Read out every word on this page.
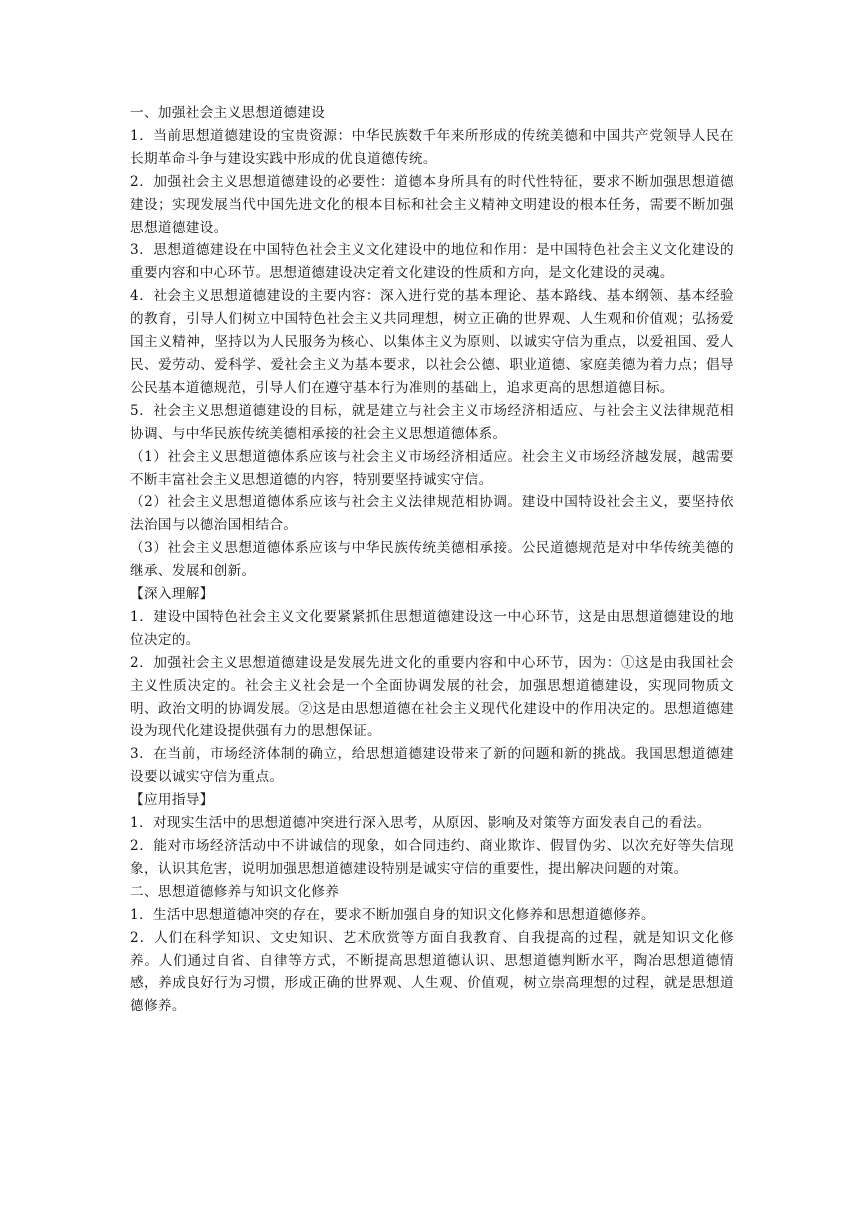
一、加强社会主义思想道德建设

1．当前思想道德建设的宝贵资源：中华民族数千年来所形成的传统美德和中国共产党领导人民在长期革命斗争与建设实践中形成的优良道德传统。

2．加强社会主义思想道德建设的必要性：道德本身所具有的时代性特征，要求不断加强思想道德建设；实现发展当代中国先进文化的根本目标和社会主义精神文明建设的根本任务，需要不断加强思想道德建设。

3．思想道德建设在中国特色社会主义文化建设中的地位和作用：是中国特色社会主义文化建设的重要内容和中心环节。思想道德建设决定着文化建设的性质和方向，是文化建设的灵魂。

4．社会主义思想道德建设的主要内容：深入进行党的基本理论、基本路线、基本纲领、基本经验的教育，引导人们树立中国特色社会主义共同理想，树立正确的世界观、人生观和价值观；弘扬爱国主义精神，坚持以为人民服务为核心、以集体主义为原则、以诚实守信为重点，以爱祖国、爱人民、爱劳动、爱科学、爱社会主义为基本要求，以社会公德、职业道德、家庭美德为着力点；倡导公民基本道德规范，引导人们在遵守基本行为准则的基础上，追求更高的思想道德目标。

5．社会主义思想道德建设的目标，就是建立与社会主义市场经济相适应、与社会主义法律规范相协调、与中华民族传统美德相承接的社会主义思想道德体系。

（1）社会主义思想道德体系应该与社会主义市场经济相适应。社会主义市场经济越发展，越需要不断丰富社会主义思想道德的内容，特别要坚持诚实守信。

（2）社会主义思想道德体系应该与社会主义法律规范相协调。建设中国特设社会主义，要坚持依法治国与以德治国相结合。

（3）社会主义思想道德体系应该与中华民族传统美德相承接。公民道德规范是对中华传统美德的继承、发展和创新。

【深入理解】

1．建设中国特色社会主义文化要紧紧抓住思想道德建设这一中心环节，这是由思想道德建设的地位决定的。

2．加强社会主义思想道德建设是发展先进文化的重要内容和中心环节，因为：①这是由我国社会主义性质决定的。社会主义社会是一个全面协调发展的社会，加强思想道德建设，实现同物质文明、政治文明的协调发展。②这是由思想道德在社会主义现代化建设中的作用决定的。思想道德建设为现代化建设提供强有力的思想保证。

3．在当前，市场经济体制的确立，给思想道德建设带来了新的问题和新的挑战。我国思想道德建设要以诚实守信为重点。

【应用指导】

1．对现实生活中的思想道德冲突进行深入思考，从原因、影响及对策等方面发表自己的看法。

2．能对市场经济活动中不讲诚信的现象，如合同违约、商业欺诈、假冒伪劣、以次充好等失信现象，认识其危害，说明加强思想道德建设特别是诚实守信的重要性，提出解决问题的对策。

二、思想道德修养与知识文化修养

1．生活中思想道德冲突的存在，要求不断加强自身的知识文化修养和思想道德修养。

2．人们在科学知识、文史知识、艺术欣赏等方面自我教育、自我提高的过程，就是知识文化修养。人们通过自省、自律等方式，不断提高思想道德认识、思想道德判断水平，陶冶思想道德情感，养成良好行为习惯，形成正确的世界观、人生观、价值观，树立崇高理想的过程，就是思想道德修养。
